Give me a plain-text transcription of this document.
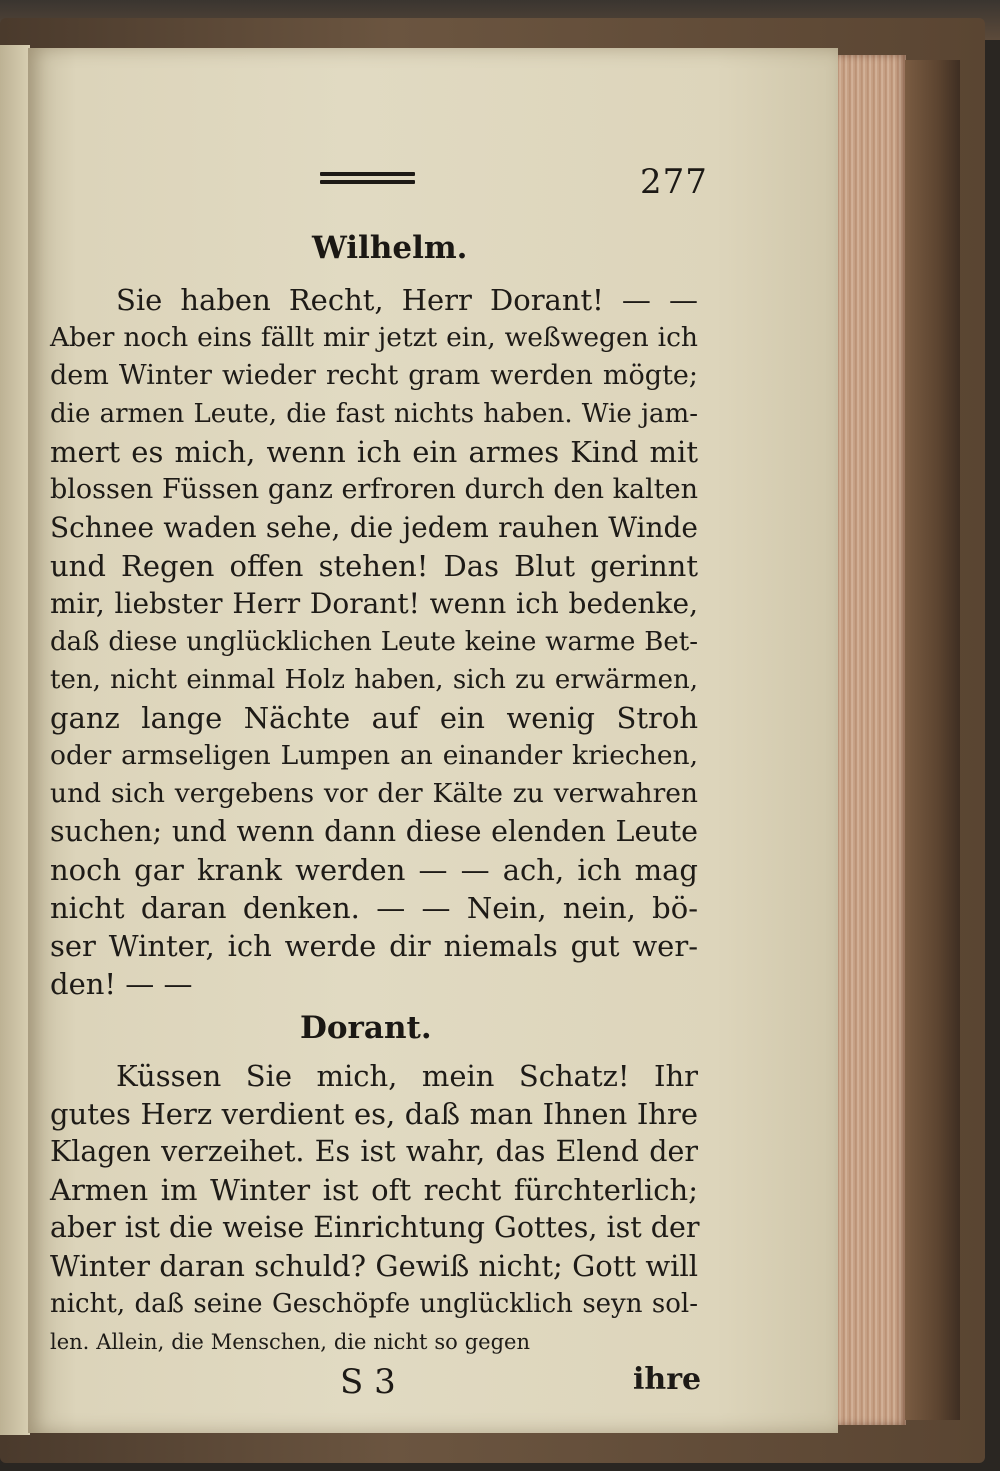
277
Wilhelm.
Sie haben Recht, Herr Dorant! — —
Aber noch eins fällt mir jetzt ein, weßwegen ich
dem Winter wieder recht gram werden mögte;
die armen Leute, die fast nichts haben. Wie jam-
mert es mich, wenn ich ein armes Kind mit
blossen Füssen ganz erfroren durch den kalten
Schnee waden sehe, die jedem rauhen Winde
und Regen offen stehen! Das Blut gerinnt
mir, liebster Herr Dorant! wenn ich bedenke,
daß diese unglücklichen Leute keine warme Bet-
ten, nicht einmal Holz haben, sich zu erwärmen,
ganz lange Nächte auf ein wenig Stroh
oder armseligen Lumpen an einander kriechen,
und sich vergebens vor der Kälte zu verwahren
suchen; und wenn dann diese elenden Leute
noch gar krank werden — — ach, ich mag
nicht daran denken. — — Nein, nein, bö-
ser Winter, ich werde dir niemals gut wer-
den! — —
Dorant.
Küssen Sie mich, mein Schatz! Ihr
gutes Herz verdient es, daß man Ihnen Ihre
Klagen verzeihet. Es ist wahr, das Elend der
Armen im Winter ist oft recht fürchterlich;
aber ist die weise Einrichtung Gottes, ist der
Winter daran schuld? Gewiß nicht; Gott will
nicht, daß seine Geschöpfe unglücklich seyn sol-
len. Allein, die Menschen, die nicht so gegen
S 3	ihre
